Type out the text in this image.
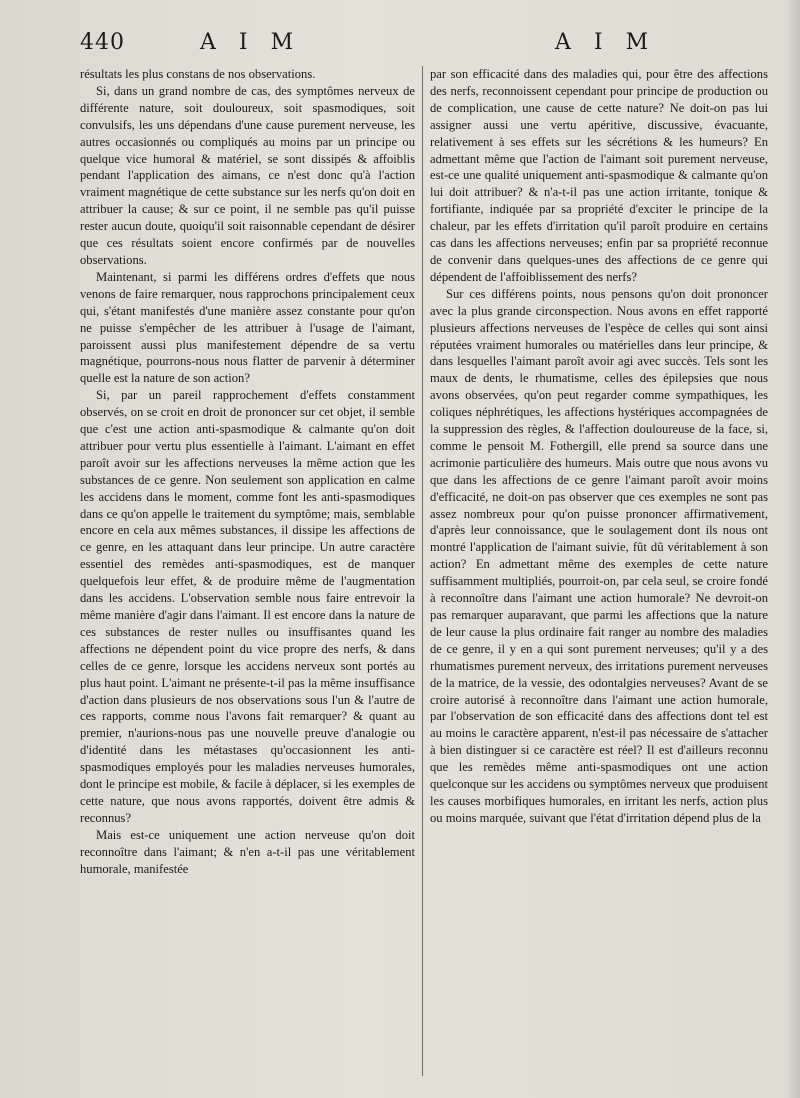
440	A I M	A I M

résultats les plus constans de nos observations.

Si, dans un grand nombre de cas, des symptômes nerveux de différente nature, soit douloureux, soit spasmodiques, soit convulsifs, les uns dépendans d'une cause purement nerveuse, les autres occasionnés ou compliqués au moins par un principe ou quelque vice humoral & matériel, se sont dissipés & affoiblis pendant l'application des aimans, ce n'est donc qu'à l'action vraiment magnétique de cette substance sur les nerfs qu'on doit en attribuer la cause; & sur ce point, il ne semble pas qu'il puisse rester aucun doute, quoiqu'il soit raisonnable cependant de désirer que ces résultats soient encore confirmés par de nouvelles observations.

Maintenant, si parmi les différens ordres d'effets que nous venons de faire remarquer, nous rapprochons principalement ceux qui, s'étant manifestés d'une manière assez constante pour qu'on ne puisse s'empêcher de les attribuer à l'usage de l'aimant, paroissent aussi plus manifestement dépendre de sa vertu magnétique, pourrons-nous nous flatter de parvenir à déterminer quelle est la nature de son action?

Si, par un pareil rapprochement d'effets constamment observés, on se croit en droit de prononcer sur cet objet, il semble que c'est une action anti-spasmodique & calmante qu'on doit attribuer pour vertu plus essentielle à l'aimant. L'aimant en effet paroît avoir sur les affections nerveuses la même action que les substances de ce genre. Non seulement son application en calme les accidens dans le moment, comme font les anti-spasmodiques dans ce qu'on appelle le traitement du symptôme; mais, semblable encore en cela aux mêmes substances, il dissipe les affections de ce genre, en les attaquant dans leur principe. Un autre caractère essentiel des remèdes anti-spasmodiques, est de manquer quelquefois leur effet, & de produire même de l'augmentation dans les accidens. L'observation semble nous faire entrevoir la même manière d'agir dans l'aimant. Il est encore dans la nature de ces substances de rester nulles ou insuffisantes quand les affections ne dépendent point du vice propre des nerfs, & dans celles de ce genre, lorsque les accidens nerveux sont portés au plus haut point. L'aimant ne présente-t-il pas la même insuffisance d'action dans plusieurs de nos observations sous l'un & l'autre de ces rapports, comme nous l'avons fait remarquer? & quant au premier, n'aurions-nous pas une nouvelle preuve d'analogie ou d'identité dans les métastases qu'occasionnent les anti-spasmodiques employés pour les maladies nerveuses humorales, dont le principe est mobile, & facile à déplacer, si les exemples de cette nature, que nous avons rapportés, doivent être admis & reconnus?

Mais est-ce uniquement une action nerveuse qu'on doit reconnoître dans l'aimant; & n'en a-t-il pas une véritablement humorale, manifestée

par son efficacité dans des maladies qui, pour être des affections des nerfs, reconnoissent cependant pour principe de production ou de complication, une cause de cette nature? Ne doit-on pas lui assigner aussi une vertu apéritive, discussive, évacuante, relativement à ses effets sur les sécrétions & les humeurs? En admettant même que l'action de l'aimant soit purement nerveuse, est-ce une qualité uniquement anti-spasmodique & calmante qu'on lui doit attribuer? & n'a-t-il pas une action irritante, tonique & fortifiante, indiquée par sa propriété d'exciter le principe de la chaleur, par les effets d'irritation qu'il paroît produire en certains cas dans les affections nerveuses; enfin par sa propriété reconnue de convenir dans quelques-unes des affections de ce genre qui dépendent de l'affoiblissement des nerfs?

Sur ces différens points, nous pensons qu'on doit prononcer avec la plus grande circonspection. Nous avons en effet rapporté plusieurs affections nerveuses de l'espèce de celles qui sont ainsi réputées vraiment humorales ou matérielles dans leur principe, & dans lesquelles l'aimant paroît avoir agi avec succès. Tels sont les maux de dents, le rhumatisme, celles des épilepsies que nous avons observées, qu'on peut regarder comme sympathiques, les coliques néphrétiques, les affections hystériques accompagnées de la suppression des règles, & l'affection douloureuse de la face, si, comme le pensoit M. Fothergill, elle prend sa source dans une acrimonie particulière des humeurs. Mais outre que nous avons vu que dans les affections de ce genre l'aimant paroît avoir moins d'efficacité, ne doit-on pas observer que ces exemples ne sont pas assez nombreux pour qu'on puisse prononcer affirmativement, d'après leur connoissance, que le soulagement dont ils nous ont montré l'application de l'aimant suivie, fût dû véritablement à son action? En admettant même des exemples de cette nature suffisamment multipliés, pourroit-on, par cela seul, se croire fondé à reconnoître dans l'aimant une action humorale? Ne devroit-on pas remarquer auparavant, que parmi les affections que la nature de leur cause la plus ordinaire fait ranger au nombre des maladies de ce genre, il y en a qui sont purement nerveuses; qu'il y a des rhumatismes purement nerveux, des irritations purement nerveuses de la matrice, de la vessie, des odontalgies nerveuses? Avant de se croire autorisé à reconnoître dans l'aimant une action humorale, par l'observation de son efficacité dans des affections dont tel est au moins le caractère apparent, n'est-il pas nécessaire de s'attacher à bien distinguer si ce caractère est réel? Il est d'ailleurs reconnu que les remèdes même anti-spasmodiques ont une action quelconque sur les accidens ou symptômes nerveux que produisent les causes morbifiques humorales, en irritant les nerfs, action plus ou moins marquée, suivant que l'état d'irritation dépend plus de la
